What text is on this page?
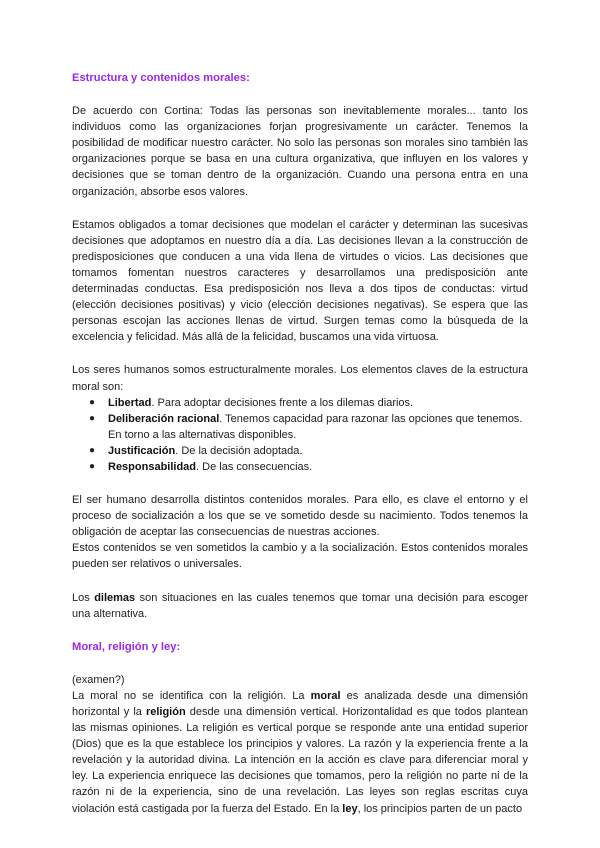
Estructura y contenidos morales:

De acuerdo con Cortina: Todas las personas son inevitablemente morales... tanto los individuos como las organizaciones forjan progresivamente un carácter. Tenemos la posibilidad de modificar nuestro carácter. No solo las personas son morales sino también las organizaciones porque se basa en una cultura organizativa, que influyen en los valores y decisiones que se toman dentro de la organización. Cuando una persona entra en una organización, absorbe esos valores.

Estamos obligados a tomar decisiones que modelan el carácter y determinan las sucesivas decisiones que adoptamos en nuestro día a día. Las decisiones llevan a la construcción de predisposiciones que conducen a una vida llena de virtudes o vicios. Las decisiones que tomamos fomentan nuestros caracteres y desarrollamos una predisposición ante determinadas conductas. Esa predisposición nos lleva a dos tipos de conductas: virtud (elección decisiones positivas) y vicio (elección decisiones negativas). Se espera que las personas escojan las acciones llenas de virtud. Surgen temas como la búsqueda de la excelencia y felicidad. Más allá de la felicidad, buscamos una vida virtuosa.

Los seres humanos somos estructuralmente morales. Los elementos claves de la estructura moral son:

● Libertad. Para adoptar decisiones frente a los dilemas diarios.
● Deliberación racional. Tenemos capacidad para razonar las opciones que tenemos. En torno a las alternativas disponibles.
● Justificación. De la decisión adoptada.
● Responsabilidad. De las consecuencias.

El ser humano desarrolla distintos contenidos morales. Para ello, es clave el entorno y el proceso de socialización a los que se ve sometido desde su nacimiento. Todos tenemos la obligación de aceptar las consecuencias de nuestras acciones.

Estos contenidos se ven sometidos la cambio y a la socialización. Estos contenidos morales pueden ser relativos o universales.

Los dilemas son situaciones en las cuales tenemos que tomar una decisión para escoger una alternativa.

Moral, religión y ley:

(examen?)

La moral no se identifica con la religión. La moral es analizada desde una dimensión horizontal y la religión desde una dimensión vertical. Horizontalidad es que todos plantean las mismas opiniones. La religión es vertical porque se responde ante una entidad superior (Dios) que es la que establece los principios y valores. La razón y la experiencia frente a la revelación y la autoridad divina. La intención en la acción es clave para diferenciar moral y ley. La experiencia enriquece las decisiones que tomamos, pero la religión no parte ni de la razón ni de la experiencia, sino de una revelación. Las leyes son reglas escritas cuya violación está castigada por la fuerza del Estado. En la ley, los principios parten de un pacto
